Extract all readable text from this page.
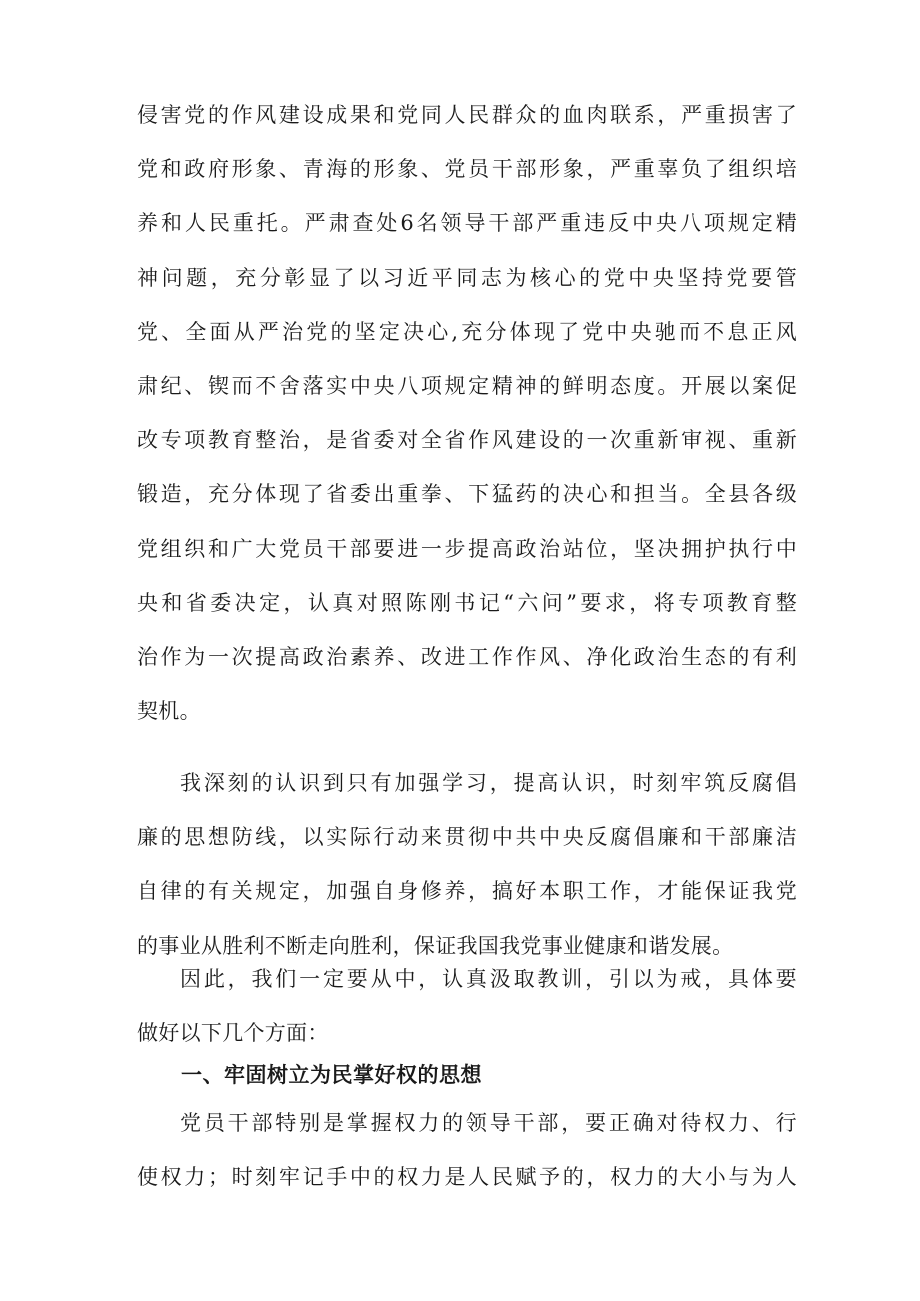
侵害党的作风建设成果和党同人民群众的血肉联系，严重损害了
党和政府形象、青海的形象、党员干部形象，严重辜负了组织培
养和人民重托。严肃查处6名领导干部严重违反中央八项规定精
神问题，充分彰显了以习近平同志为核心的党中央坚持党要管
党、全面从严治党的坚定决心,充分体现了党中央驰而不息正风
肃纪、锲而不舍落实中央八项规定精神的鲜明态度。开展以案促
改专项教育整治，是省委对全省作风建设的一次重新审视、重新
锻造，充分体现了省委出重拳、下猛药的决心和担当。全县各级
党组织和广大党员干部要进一步提高政治站位，坚决拥护执行中
央和省委决定，认真对照陈刚书记“六问”要求，将专项教育整
治作为一次提高政治素养、改进工作作风、净化政治生态的有利
契机。
我深刻的认识到只有加强学习，提高认识，时刻牢筑反腐倡
廉的思想防线，以实际行动来贯彻中共中央反腐倡廉和干部廉洁
自律的有关规定，加强自身修养，搞好本职工作，才能保证我党
的事业从胜利不断走向胜利，保证我国我党事业健康和谐发展。
因此，我们一定要从中，认真汲取教训，引以为戒，具体要
做好以下几个方面：
一、牢固树立为民掌好权的思想
党员干部特别是掌握权力的领导干部，要正确对待权力、行
使权力；时刻牢记手中的权力是人民赋予的，权力的大小与为人
